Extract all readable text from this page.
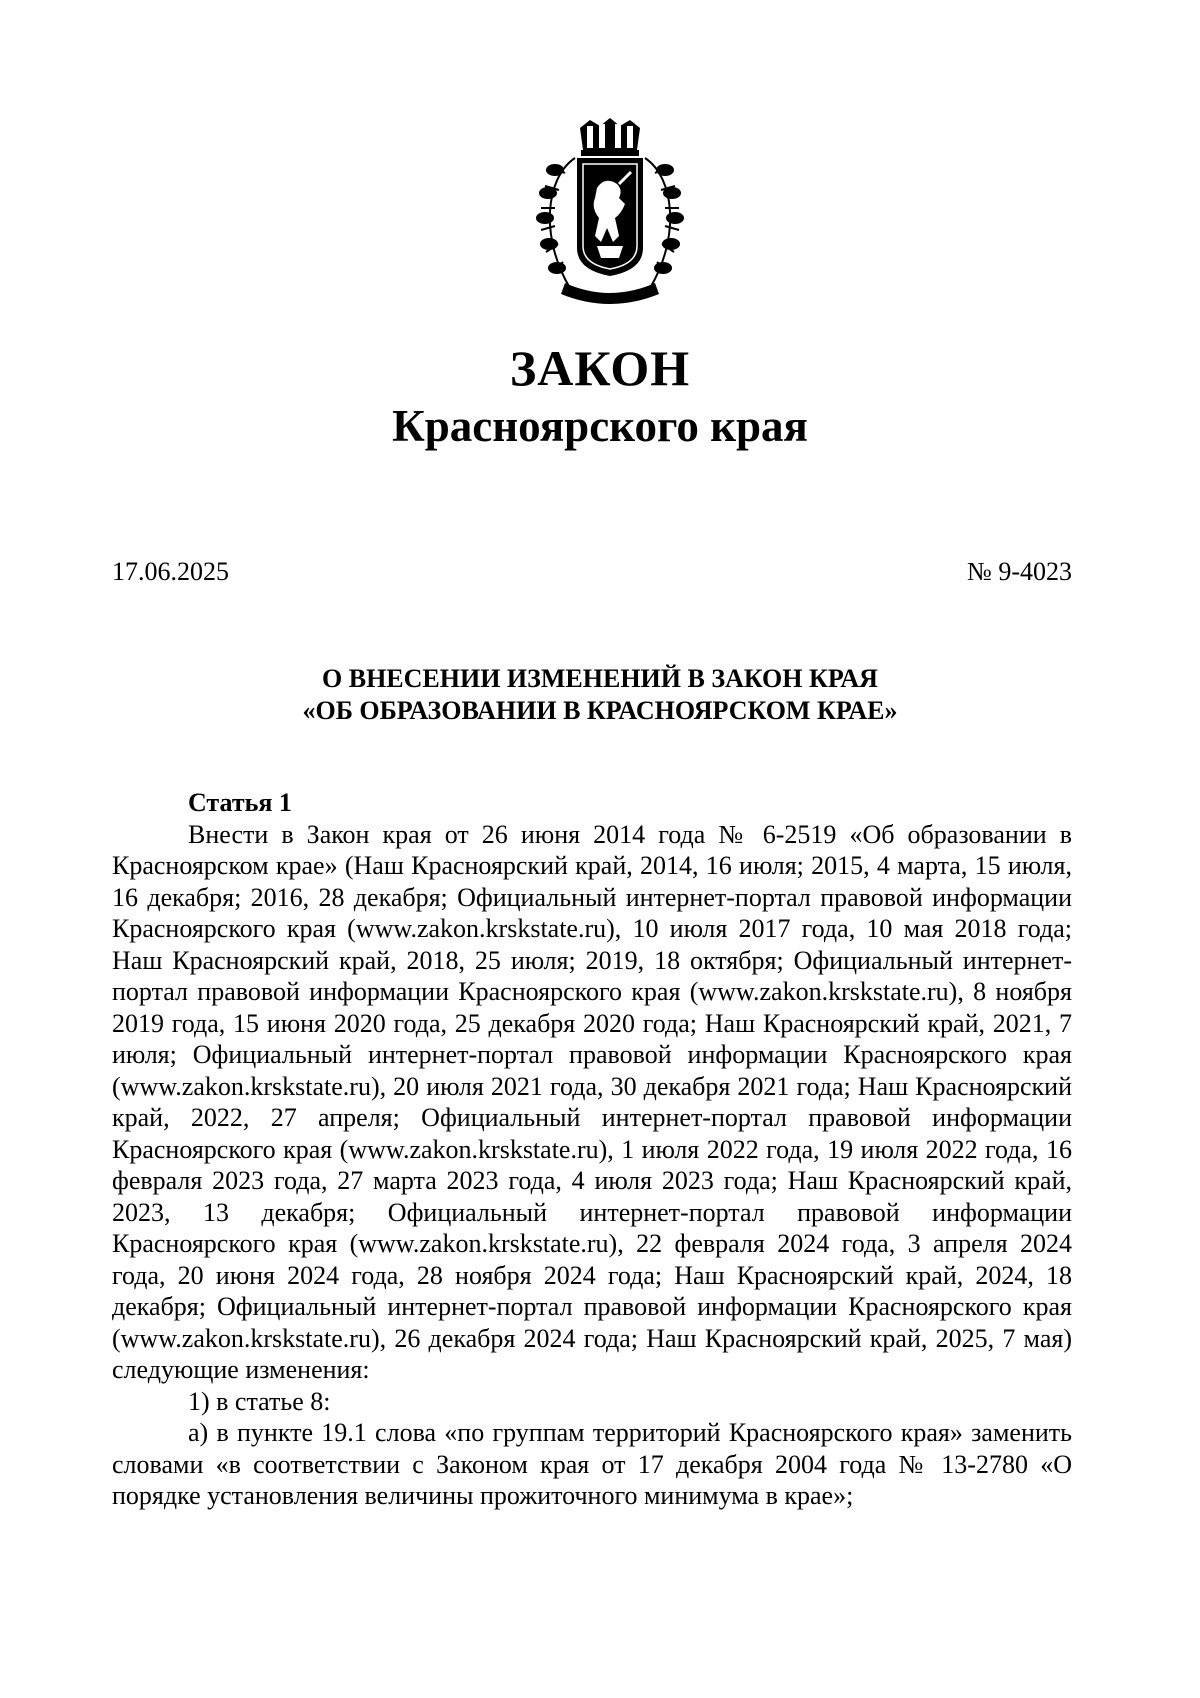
ЗАКОН
Красноярского края
17.06.2025	№ 9-4023
О ВНЕСЕНИИ ИЗМЕНЕНИЙ В ЗАКОН КРАЯ
«ОБ ОБРАЗОВАНИИ В КРАСНОЯРСКОМ КРАЕ»
Статья 1

Внести в Закон края от 26 июня 2014 года № 6-2519 «Об образовании в Красноярском крае» (Наш Красноярский край, 2014, 16 июля; 2015, 4 марта, 15 июля, 16 декабря; 2016, 28 декабря; Официальный интернет-портал правовой информации Красноярского края (www.zakon.krskstate.ru), 10 июля 2017 года, 10 мая 2018 года; Наш Красноярский край, 2018, 25 июля; 2019, 18 октября; Официальный интернет-портал правовой информации Красноярского края (www.zakon.krskstate.ru), 8 ноября 2019 года, 15 июня 2020 года, 25 декабря 2020 года; Наш Красноярский край, 2021, 7 июля; Официальный интернет-портал правовой информации Красноярского края (www.zakon.krskstate.ru), 20 июля 2021 года, 30 декабря 2021 года; Наш Красноярский край, 2022, 27 апреля; Официальный интернет-портал правовой информации Красноярского края (www.zakon.krskstate.ru), 1 июля 2022 года, 19 июля 2022 года, 16 февраля 2023 года, 27 марта 2023 года, 4 июля 2023 года; Наш Красноярский край, 2023, 13 декабря; Официальный интернет-портал правовой информации Красноярского края (www.zakon.krskstate.ru), 22 февраля 2024 года, 3 апреля 2024 года, 20 июня 2024 года, 28 ноября 2024 года; Наш Красноярский край, 2024, 18 декабря; Официальный интернет-портал правовой информации Красноярского края (www.zakon.krskstate.ru), 26 декабря 2024 года; Наш Красноярский край, 2025, 7 мая) следующие изменения:

1) в статье 8:

а) в пункте 19.1 слова «по группам территорий Красноярского края» заменить словами «в соответствии с Законом края от 17 декабря 2004 года № 13-2780 «О порядке установления величины прожиточного минимума в крае»;
